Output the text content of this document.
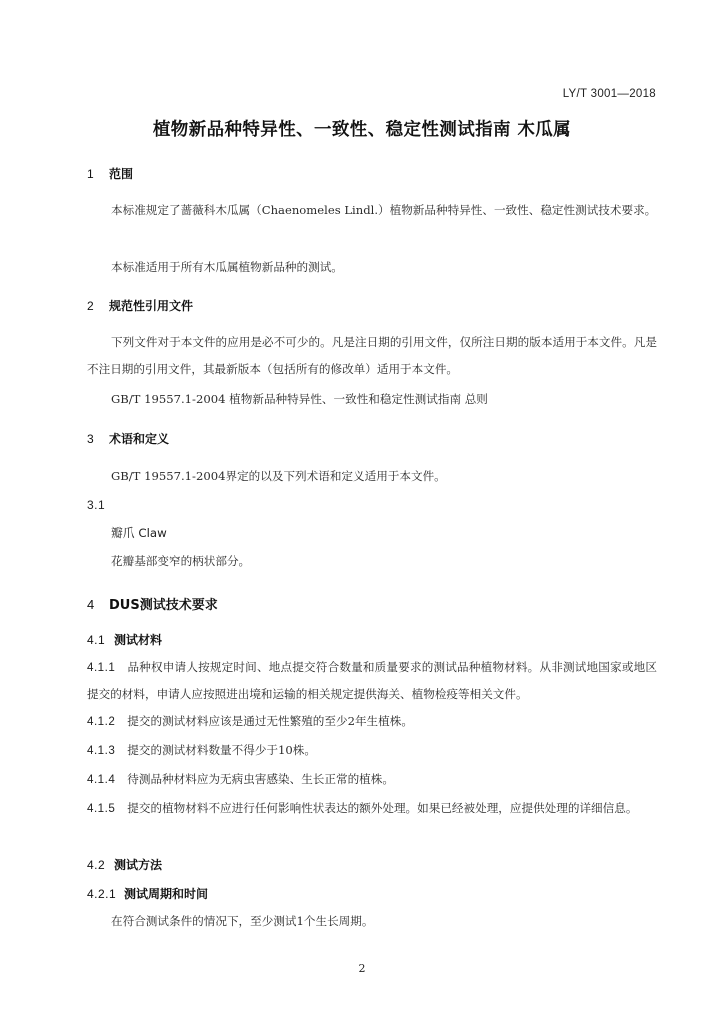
LY/T 3001—2018
植物新品种特异性、一致性、稳定性测试指南 木瓜属
1 范围
本标准规定了蔷薇科木瓜属（Chaenomeles Lindl.）植物新品种特异性、一致性、稳定性测试技术要求。
本标准适用于所有木瓜属植物新品种的测试。
2 规范性引用文件
下列文件对于本文件的应用是必不可少的。凡是注日期的引用文件，仅所注日期的版本适用于本文件。凡是不注日期的引用文件，其最新版本（包括所有的修改单）适用于本文件。
GB/T 19557.1-2004 植物新品种特异性、一致性和稳定性测试指南 总则
3 术语和定义
GB/T 19557.1-2004界定的以及下列术语和定义适用于本文件。
3.1
瓣爪 Claw
花瓣基部变窄的柄状部分。
4 DUS测试技术要求
4.1 测试材料
4.1.1 品种权申请人按规定时间、地点提交符合数量和质量要求的测试品种植物材料。从非测试地国家或地区提交的材料，申请人应按照进出境和运输的相关规定提供海关、植物检疫等相关文件。
4.1.2 提交的测试材料应该是通过无性繁殖的至少2年生植株。
4.1.3 提交的测试材料数量不得少于10株。
4.1.4 待测品种材料应为无病虫害感染、生长正常的植株。
4.1.5 提交的植物材料不应进行任何影响性状表达的额外处理。如果已经被处理，应提供处理的详细信息。
4.2 测试方法
4.2.1 测试周期和时间
在符合测试条件的情况下，至少测试1个生长周期。
2
